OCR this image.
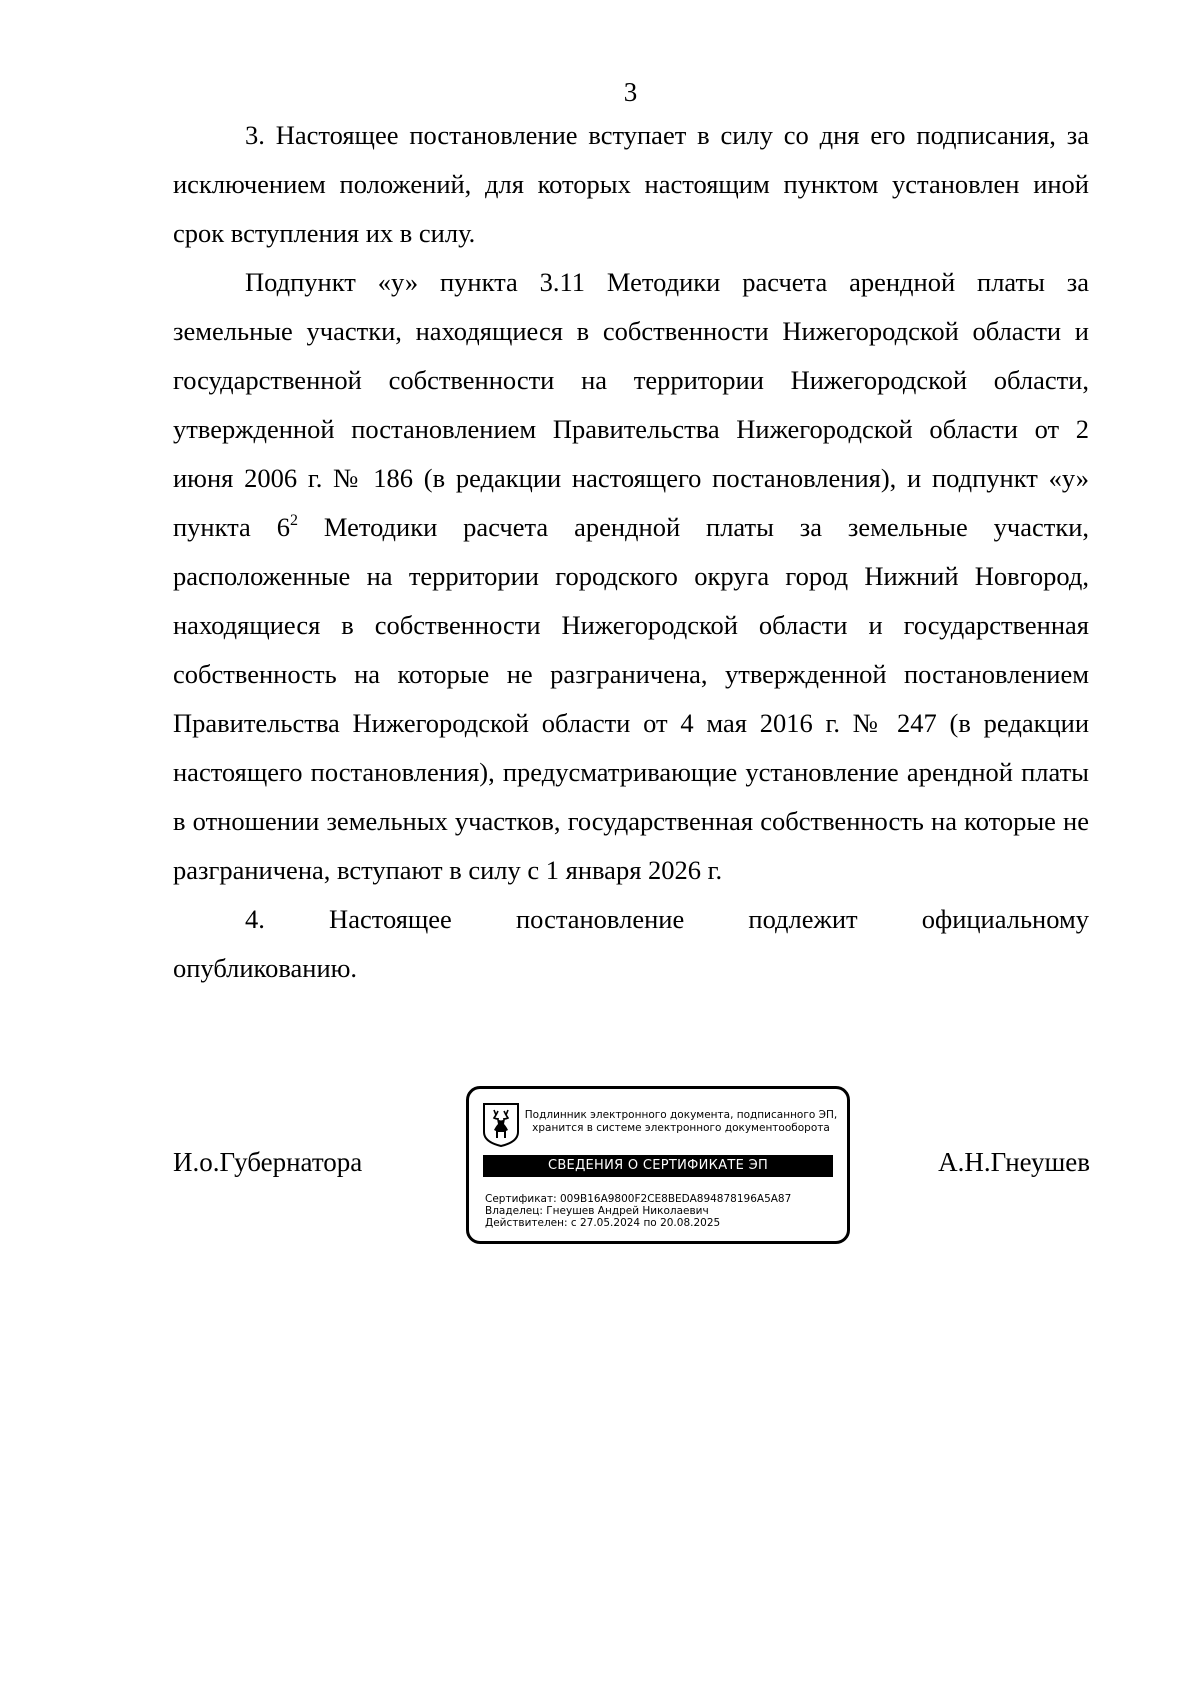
3

3. Настоящее постановление вступает в силу со дня его подписания, за исключением положений, для которых настоящим пунктом установлен иной срок вступления их в силу.

Подпункт «у» пункта 3.11 Методики расчета арендной платы за земельные участки, находящиеся в собственности Нижегородской области и государственной собственности на территории Нижегородской области, утвержденной постановлением Правительства Нижегородской области от 2 июня 2006 г. № 186 (в редакции настоящего постановления), и подпункт «у» пункта $6^2$ Методики расчета арендной платы за земельные участки, расположенные на территории городского округа город Нижний Новгород, находящиеся в собственности Нижегородской области и государственная собственность на которые не разграничена, утвержденной постановлением Правительства Нижегородской области от 4 мая 2016 г. № 247 (в редакции настоящего постановления), предусматривающие установление арендной платы в отношении земельных участков, государственная собственность на которые не разграничена, вступают в силу с 1 января 2026 г.

4. Настоящее постановление подлежит официальному

опубликованию.

И.о.Губернатора
Подлинник электронного документа, подписанного ЭП,
хранится в системе электронного документооборота
СВЕДЕНИЯ О СЕРТИФИКАТЕ ЭП
Сертификат: 009B16A9800F2CE8BEDA894878196A5A87
Владелец: Гнеушев Андрей Николаевич
Действителен: с 27.05.2024 по 20.08.2025
А.Н.Гнеушев
